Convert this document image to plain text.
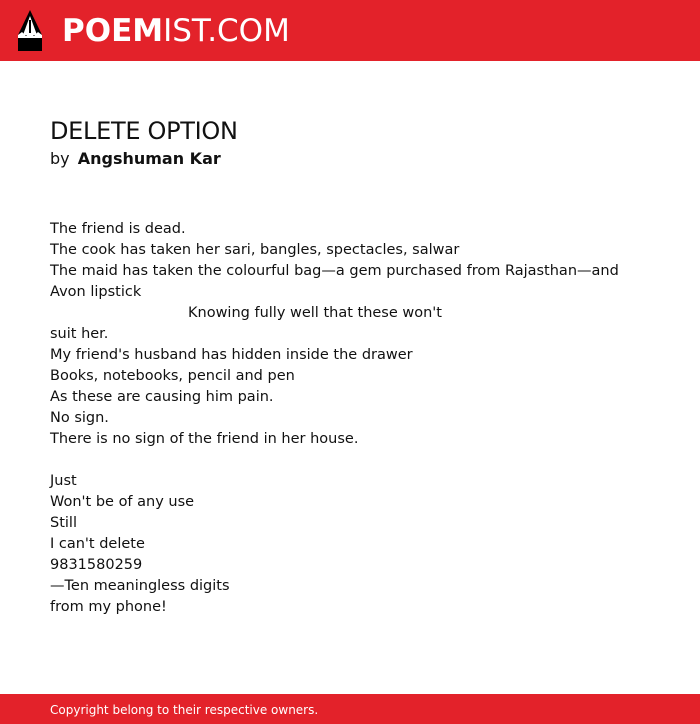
POEMIST.COM
DELETE OPTION
by Angshuman Kar
The friend is dead.
The cook has taken her sari, bangles, spectacles, salwar
The maid has taken the colourful bag—a gem purchased from Rajasthan—and
Avon lipstick
Knowing fully well that these won't
suit her.
My friend's husband has hidden inside the drawer
Books, notebooks, pencil and pen
As these are causing him pain.
No sign.
There is no sign of the friend in her house.
Just
Won't be of any use
Still
I can't delete
9831580259
—Ten meaningless digits
from my phone!
Copyright belong to their respective owners.
